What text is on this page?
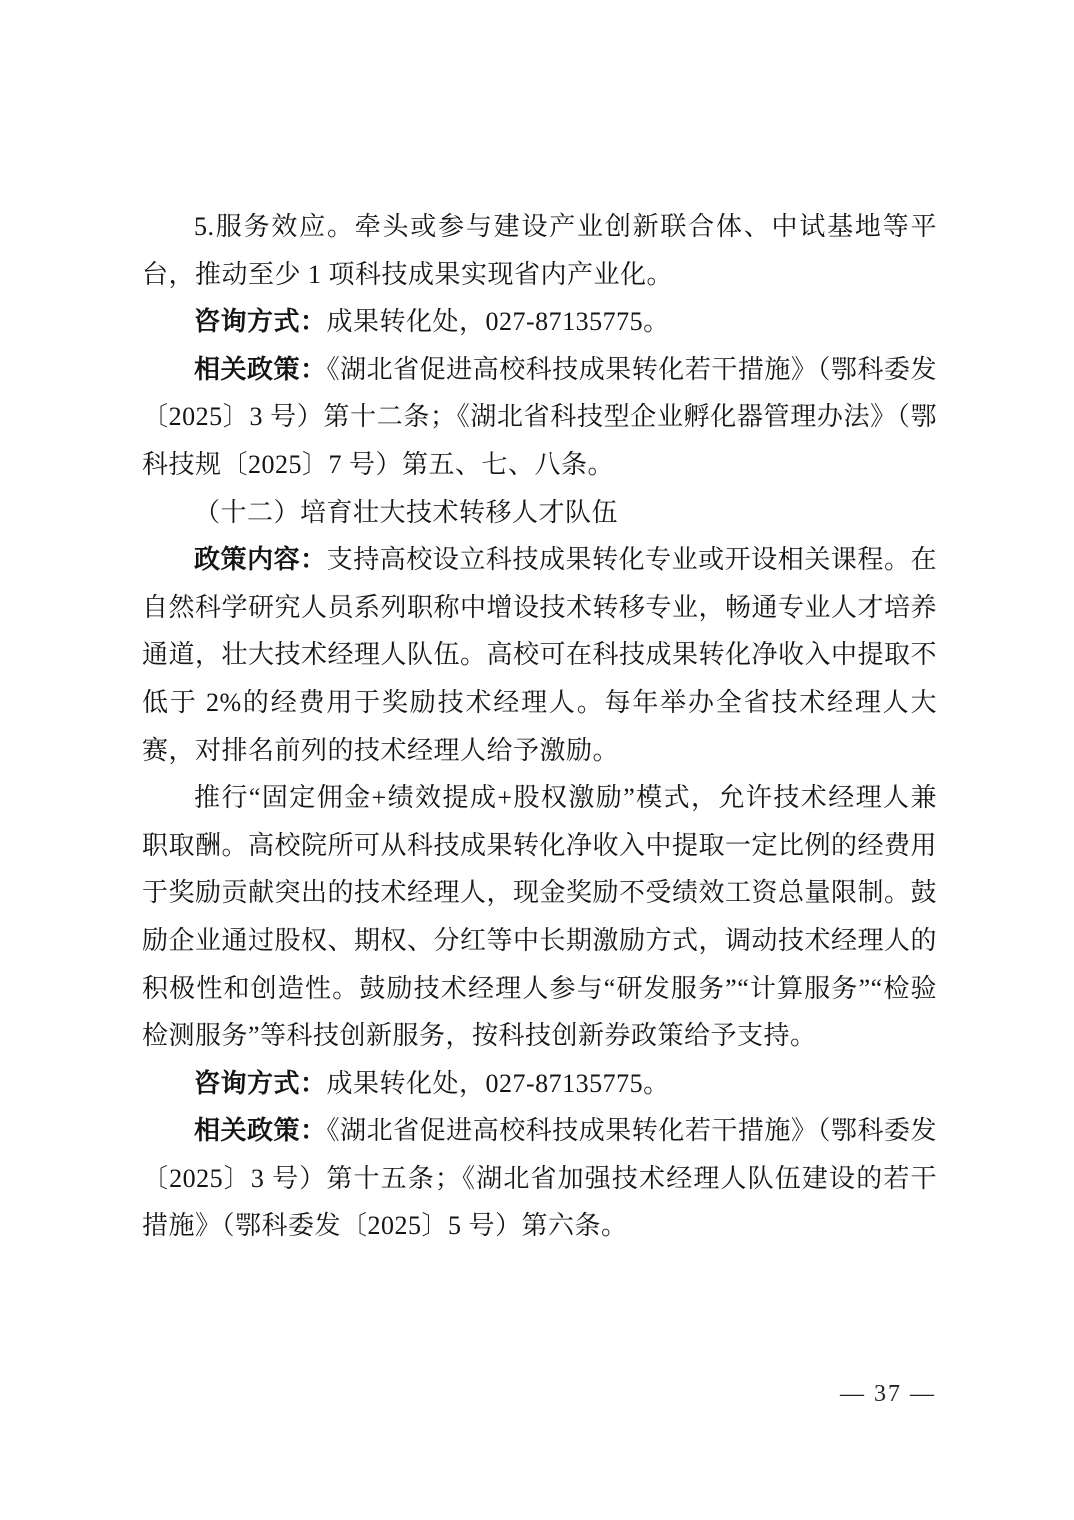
5.服务效应。牵头或参与建设产业创新联合体、中试基地等平台，推动至少 1 项科技成果实现省内产业化。

咨询方式：成果转化处，027-87135775。

相关政策：《湖北省促进高校科技成果转化若干措施》（鄂科委发〔2025〕3 号）第十二条；《湖北省科技型企业孵化器管理办法》（鄂科技规〔2025〕7 号）第五、七、八条。

（十二）培育壮大技术转移人才队伍

政策内容：支持高校设立科技成果转化专业或开设相关课程。在自然科学研究人员系列职称中增设技术转移专业，畅通专业人才培养通道，壮大技术经理人队伍。高校可在科技成果转化净收入中提取不低于 2%的经费用于奖励技术经理人。每年举办全省技术经理人大赛，对排名前列的技术经理人给予激励。

推行“固定佣金+绩效提成+股权激励”模式，允许技术经理人兼职取酬。高校院所可从科技成果转化净收入中提取一定比例的经费用于奖励贡献突出的技术经理人，现金奖励不受绩效工资总量限制。鼓励企业通过股权、期权、分红等中长期激励方式，调动技术经理人的积极性和创造性。鼓励技术经理人参与“研发服务”“计算服务”“检验检测服务”等科技创新服务，按科技创新券政策给予支持。

咨询方式：成果转化处，027-87135775。

相关政策：《湖北省促进高校科技成果转化若干措施》（鄂科委发〔2025〕3 号）第十五条；《湖北省加强技术经理人队伍建设的若干措施》（鄂科委发〔2025〕5 号）第六条。

— 37 —
